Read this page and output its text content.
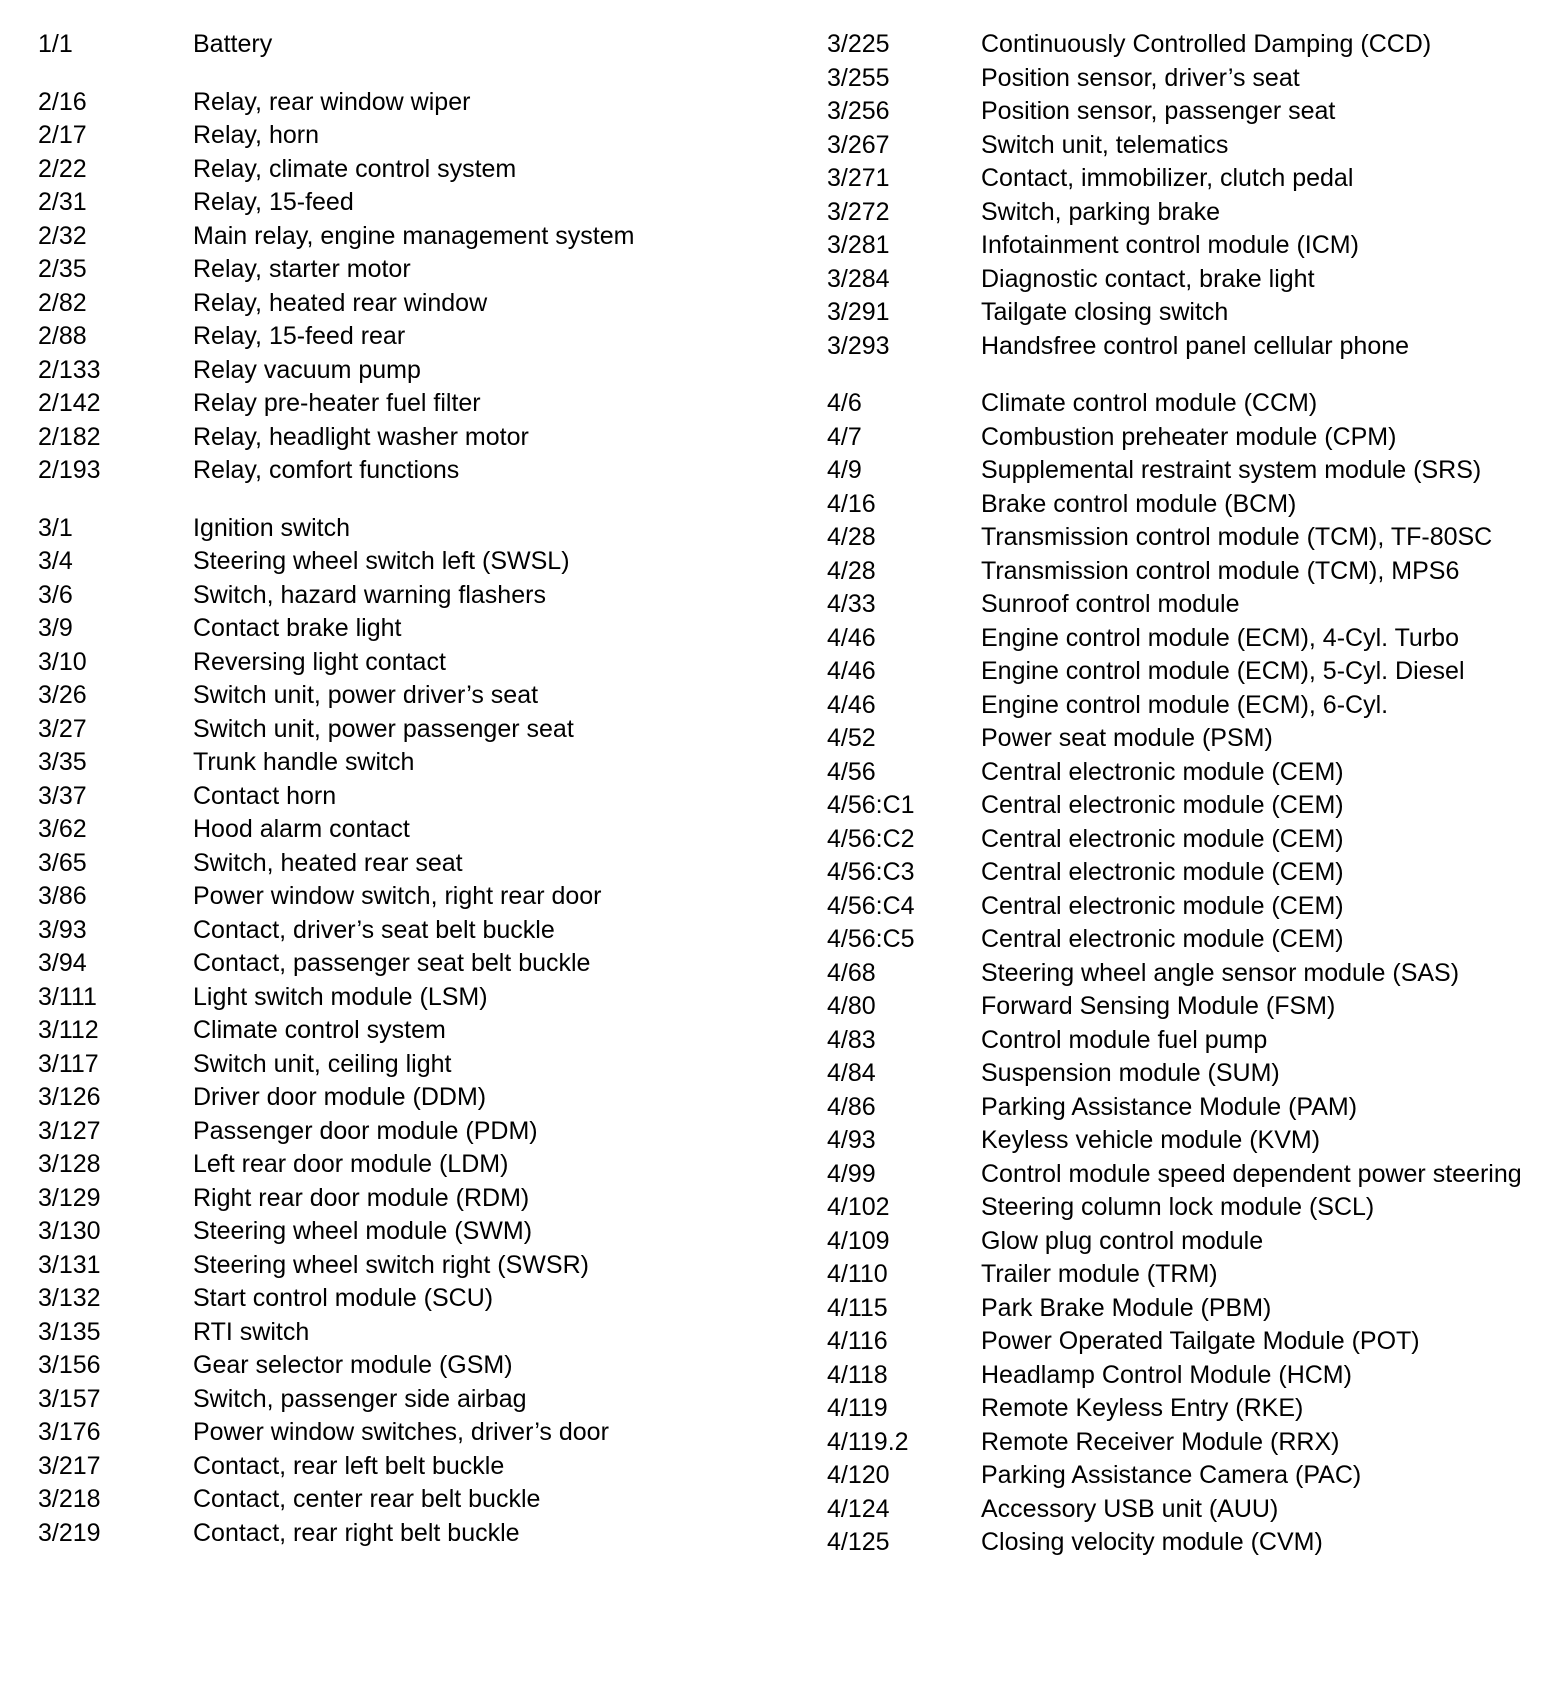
1/1	Battery
2/16	Relay, rear window wiper
2/17	Relay, horn
2/22	Relay, climate control system
2/31	Relay, 15-feed
2/32	Main relay, engine management system
2/35	Relay, starter motor
2/82	Relay, heated rear window
2/88	Relay, 15-feed rear
2/133	Relay vacuum pump
2/142	Relay pre-heater fuel filter
2/182	Relay, headlight washer motor
2/193	Relay, comfort functions
3/1	Ignition switch
3/4	Steering wheel switch left (SWSL)
3/6	Switch, hazard warning flashers
3/9	Contact brake light
3/10	Reversing light contact
3/26	Switch unit, power driver’s seat
3/27	Switch unit, power passenger seat
3/35	Trunk handle switch
3/37	Contact horn
3/62	Hood alarm contact
3/65	Switch, heated rear seat
3/86	Power window switch, right rear door
3/93	Contact, driver’s seat belt buckle
3/94	Contact, passenger seat belt buckle
3/111	Light switch module (LSM)
3/112	Climate control system
3/117	Switch unit, ceiling light
3/126	Driver door module (DDM)
3/127	Passenger door module (PDM)
3/128	Left rear door module (LDM)
3/129	Right rear door module (RDM)
3/130	Steering wheel module (SWM)
3/131	Steering wheel switch right (SWSR)
3/132	Start control module (SCU)
3/135	RTI switch
3/156	Gear selector module (GSM)
3/157	Switch, passenger side airbag
3/176	Power window switches, driver’s door
3/217	Contact, rear left belt buckle
3/218	Contact, center rear belt buckle
3/219	Contact, rear right belt buckle
3/225	Continuously Controlled Damping (CCD)
3/255	Position sensor, driver’s seat
3/256	Position sensor, passenger seat
3/267	Switch unit, telematics
3/271	Contact, immobilizer, clutch pedal
3/272	Switch, parking brake
3/281	Infotainment control module (ICM)
3/284	Diagnostic contact, brake light
3/291	Tailgate closing switch
3/293	Handsfree control panel cellular phone
4/6	Climate control module (CCM)
4/7	Combustion preheater module (CPM)
4/9	Supplemental restraint system module (SRS)
4/16	Brake control module (BCM)
4/28	Transmission control module (TCM), TF-80SC
4/28	Transmission control module (TCM), MPS6
4/33	Sunroof control module
4/46	Engine control module (ECM), 4-Cyl. Turbo
4/46	Engine control module (ECM), 5-Cyl. Diesel
4/46	Engine control module (ECM), 6-Cyl.
4/52	Power seat module (PSM)
4/56	Central electronic module (CEM)
4/56:C1	Central electronic module (CEM)
4/56:C2	Central electronic module (CEM)
4/56:C3	Central electronic module (CEM)
4/56:C4	Central electronic module (CEM)
4/56:C5	Central electronic module (CEM)
4/68	Steering wheel angle sensor module (SAS)
4/80	Forward Sensing Module (FSM)
4/83	Control module fuel pump
4/84	Suspension module (SUM)
4/86	Parking Assistance Module (PAM)
4/93	Keyless vehicle module (KVM)
4/99	Control module speed dependent power steering
4/102	Steering column lock module (SCL)
4/109	Glow plug control module
4/110	Trailer module (TRM)
4/115	Park Brake Module (PBM)
4/116	Power Operated Tailgate Module (POT)
4/118	Headlamp Control Module (HCM)
4/119	Remote Keyless Entry (RKE)
4/119.2	Remote Receiver Module (RRX)
4/120	Parking Assistance Camera (PAC)
4/124	Accessory USB unit (AUU)
4/125	Closing velocity module (CVM)
